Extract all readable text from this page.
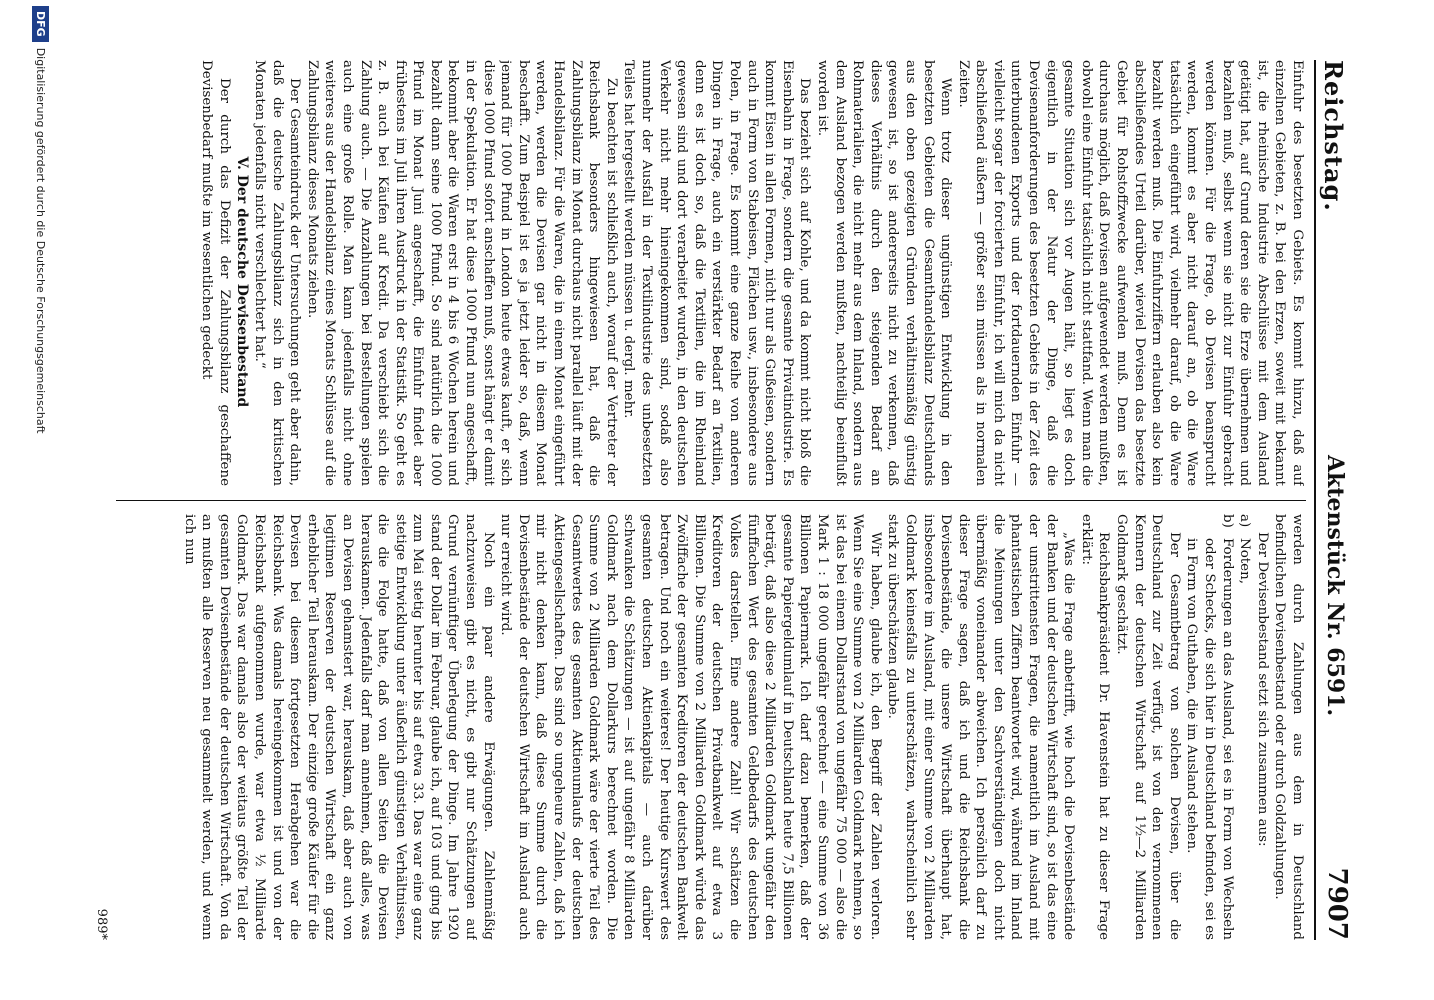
Reichstag.
Aktenstück Nr. 6591.
7907

Einfuhr des besetzten Gebiets. Es kommt hinzu, daß auf einzelnen Gebieten, z. B. bei den Erzen, soweit mit bekannt ist, die rheinische Industrie Abschlüsse mit dem Ausland getätigt hat, auf Grund deren sie die Erze übernehmen und bezahlen muß, selbst wenn sie nicht zur Einfuhr gebracht werden können. Für die Frage, ob Devisen beansprucht werden, kommt es aber nicht darauf an, ob die Ware tatsächlich eingeführt wird, vielmehr darauf, ob die Ware bezahlt werden muß. Die Einfuhrziffern erlauben also kein abschließendes Urteil darüber, wieviel Devisen das besetzte Gebiet für Rohstoffzwecke aufwenden muß. Denn es ist durchaus möglich, daß Devisen aufgewendet werden mußten, obwohl eine Einfuhr tatsächlich nicht stattfand. Wenn man die gesamte Situation sich vor Augen hält, so liegt es doch eigentlich in der Natur der Dinge, daß die Devisenanforderungen des besetzten Gebiets in der Zeit des unterbundenen Exports und der fortdauernden Einfuhr — vielleicht sogar der forcierten Einfuhr, ich will mich da nicht abschließend äußern — größer sein müssen als in normalen Zeiten.

Wenn trotz dieser ungünstigen Entwicklung in den besetzten Gebieten die Gesamthandelsbilanz Deutschlands aus den oben gezeigten Gründen verhältnismäßig günstig gewesen ist, so ist andererseits nicht zu verkennen, daß dieses Verhältnis durch den steigenden Bedarf an Rohmaterialien, die nicht mehr aus dem Inland, sondern aus dem Ausland bezogen werden mußten, nachteilig beeinflußt worden ist.

Das bezieht sich auf Kohle, und da kommt nicht bloß die Eisenbahn in Frage, sondern die gesamte Privatindustrie. Es kommt Eisen in allen Formen, nicht nur als Gußeisen, sondern auch in Form von Stabeisen, Flächen usw., insbesondere aus Polen, in Frage. Es kommt eine ganze Reihe von anderen Dingen in Frage, auch ein verstärkter Bedarf an Textilien, denn es ist doch so, daß die Textilien, die im Rheinland gewesen sind und dort verarbeitet wurden, in den deutschen Verkehr nicht mehr hineingekommen sind, sodaß also nunmehr der Ausfall in der Textilindustrie des unbesetzten Teiles hat hergestellt werden müssen u. dergl. mehr.

Zu beachten ist schließlich auch, worauf der Vertreter der Reichsbank besonders hingewiesen hat, daß die Zahlungsbilanz im Monat durchaus nicht parallel läuft mit der Handelsbilanz. Für die Waren, die in einem Monat eingeführt werden, werden die Devisen gar nicht in diesem Monat beschafft. Zum Beispiel ist es ja jetzt leider so, daß, wenn jemand für 1000 Pfund in London heute etwas kauft, er sich diese 1000 Pfund sofort anschaffen muß, sonst hängt er damit in der Spekulation. Er hat diese 1000 Pfund nun angeschafft, bekommt aber die Waren erst in 4 bis 6 Wochen herein und bezahlt dann seine 1000 Pfund. So sind natürlich die 1000 Pfund im Monat Juni angeschafft, die Einfuhr findet aber frühestens im Juli ihren Ausdruck in der Statistik. So geht es z. B. auch bei Käufen auf Kredit. Da verschiebt sich die Zahlung auch. — Die Anzahlungen bei Bestellungen spielen auch eine große Rolle. Man kann jedenfalls nicht ohne weiteres aus der Handelsbilanz eines Monats Schlüsse auf die Zahlungsbilanz dieses Monats ziehen.

Der Gesamteindruck der Untersuchungen geht aber dahin, daß die deutsche Zahlungsbilanz sich in den kritischen Monaten jedenfalls nicht verschlechtert hat.“

V. Der deutsche Devisenbestand

Der durch das Defizit der Zahlungsbilanz geschaffene Devisenbedarf mußte im wesentlichen gedeckt

werden durch Zahlungen aus dem in Deutschland befindlichen Devisenbestand oder durch Goldzahlungen.

Der Devisenbestand setzt sich zusammen aus:

a)Noten,

b)Forderungen an das Ausland, sei es in Form von Wechseln oder Schecks, die sich hier in Deutschland befinden, sei es in Form von Guthaben, die im Ausland stehen.

Der Gesamtbetrag von solchen Devisen, über die Deutschland zur Zeit verfügt, ist von den vernommenen Kennern der deutschen Wirtschaft auf 1½—2 Milliarden Goldmark geschätzt.

Reichsbankpräsident Dr. Havenstein hat zu dieser Frage erklärt:

„Was die Frage anbetrifft, wie hoch die Devisenbestände der Banken und der deutschen Wirtschaft sind, so ist das eine der umstrittensten Fragen, die namentlich im Ausland mit phantastischen Ziffern beantwortet wird, während im Inland die Meinungen unter den Sachverständigen doch nicht übermäßig voneinander abweichen. Ich persönlich darf zu dieser Frage sagen, daß ich und die Reichsbank die Devisenbestände, die unsere Wirtschaft überhaupt hat, insbesondere im Ausland, mit einer Summe von 2 Milliarden Goldmark keinesfalls zu unterschätzen, wahrscheinlich sehr stark zu überschätzen glaube.

Wir haben, glaube ich, den Begriff der Zahlen verloren. Wenn Sie eine Summe von 2 Milliarden Goldmark nehmen, so ist das bei einem Dollarstand von ungefähr 75 000 — also die Mark 1 : 18 000 ungefähr gerechnet — eine Summe von 36 Billionen Papiermark. Ich darf dazu bemerken, daß der gesamte Papiergeldumlauf in Deutschland heute 7,5 Billionen beträgt, daß also diese 2 Milliarden Goldmark ungefähr den fünffachen Wert des gesamten Geldbedarfs des deutschen Volkes darstellen. Eine andere Zahl! Wir schätzen die Kreditoren der deutschen Privatbankwelt auf etwa 3 Billionen. Die Summe von 2 Milliarden Goldmark würde das Zwölffache der gesamten Kreditoren der deutschen Bankwelt betragen. Und noch ein weiteres! Der heutige Kurswert des gesamten deutschen Aktienkapitals — auch darüber schwanken die Schätzungen — ist auf ungefähr 8 Milliarden Goldmark nach dem Dollarkurs berechnet worden. Die Summe von 2 Milliarden Goldmark wäre der vierte Teil des Gesamtwertes des gesamten Aktienumlaufs der deutschen Aktiengesellschaften. Das sind so ungeheure Zahlen, daß ich mir nicht denken kann, daß diese Summe durch die Devisenbestände der deutschen Wirtschaft im Ausland auch nur erreicht wird.

Noch ein paar andere Erwägungen. Zahlenmäßig nachzuweisen gibt es nicht, es gibt nur Schätzungen auf Grund vernünftiger Überlegung der Dinge. Im Jahre 1920 stand der Dollar im Februar, glaube ich, auf 103 und ging bis zum Mai stetig herunter bis auf etwa 33. Das war eine ganz stetige Entwicklung unter äußerlich günstigen Verhältnissen, die die Folge hatte, daß von allen Seiten die Devisen herauskamen. Jedenfalls darf man annehmen, daß alles, was an Devisen gehamstert war, herauskam, daß aber auch von legitimen Reserven der deutschen Wirtschaft ein ganz erheblicher Teil herauskam. Der einzige große Käufer für die Devisen bei diesem fortgesetzten Herabgehen war die Reichsbank. Was damals hereingekommen ist und von der Reichsbank aufgenommen wurde, war etwa ½ Milliarde Goldmark. Das war damals also der weitaus größte Teil der gesamten Devisenbestände der deutschen Wirtschaft. Von da an mußten alle Reserven neu gesammelt werden, und wenn ich nun

989*
DFGDigitalisierung gefördert durch die Deutsche Forschungsgemeinschaft
